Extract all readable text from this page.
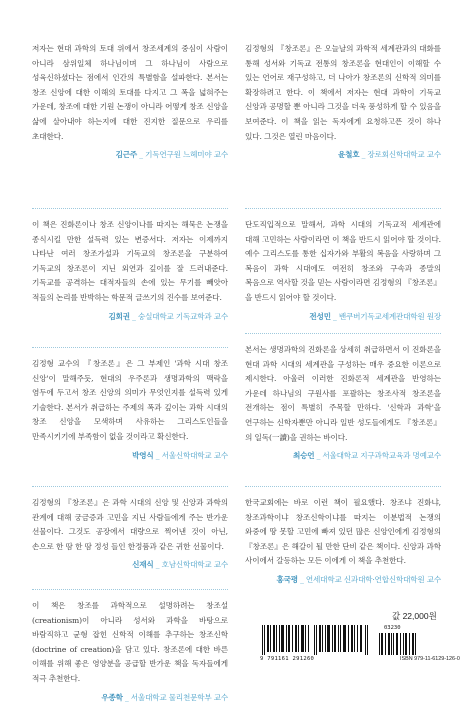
저자는 현대 과학의 토대 위에서 창조세계의 중심이 사람이 아니라 삼위일체 하나님이며 그 하나님이 사람으로 성육신하셨다는 점에서 인간의 특별함을 설파한다. 본서는 창조 신앙에 대한 이해의 토대를 다지고 그 폭을 넓혀주는 가운데, 창조에 대한 기원 논쟁이 아니라 어떻게 창조 신앙을 삶에 살아내야 하는지에 대한 진지한 질문으로 우리를 초대한다.

김근주 _ 기독연구원 느헤미야 교수

이 책은 진화론이나 창조 신앙이나를 따지는 해묵은 논쟁을 종식시킬 만한 설득력 있는 변증서다. 저자는 이제까지 나타난 여러 창조가설과 기독교의 창조론을 구분하여 기독교의 창조론이 지닌 외연과 깊이를 잘 드러내준다. 기독교를 공격하는 대적자들의 손에 있는 무기를 빼앗아 적들의 논리를 반박하는 학문적 글쓰기의 진수를 보여준다.

김회권 _ 숭실대학교 기독교학과 교수

김정형 교수의 『창조론』은 그 부제인 '과학 시대 창조 신앙'이 말해주듯, 현대의 우주론과 생명과학의 맥락을 염두에 두고서 창조 신앙의 의미가 무엇인지를 설득력 있게 기술한다. 본서가 취급하는 주제의 폭과 깊이는 과학 시대의 창조 신앙을 모색하며 사유하는 그리스도인들을 만족시키기에 부족함이 없을 것이라고 확신한다.

박영식 _ 서울신학대학교 교수

김정형의 『창조론』은 과학 시대의 신앙 및 신앙과 과학의 관계에 대해 궁금증과 고민을 지닌 사람들에게 주는 반가운 선물이다. 그것도 공장에서 대량으로 찍어낸 것이 아닌, 손으로 한 땀 한 땀 정성 들인 한정품과 같은 귀한 선물이다.

신재식 _ 호남신학대학교 교수

이 책은 창조를 과학적으로 설명하려는 창조설(creationism)이 아니라 성서와 과학을 바탕으로 바람직하고 균형 잡힌 신학적 이해를 추구하는 창조신학(doctrine of creation)을 담고 있다. 창조론에 대한 바른 이해를 위해 좋은 영양분을 공급할 반가운 책을 독자들에게 적극 추천한다.

우종학 _ 서울대학교 물리천문학부 교수

김정형의 『창조론』은 오늘날의 과학적 세계관과의 대화를 통해 성서와 기독교 전통의 창조론을 현대인이 이해할 수 있는 언어로 재구성하고, 더 나아가 창조론의 신학적 의미를 확장하려고 한다. 이 책에서 저자는 현대 과학이 기독교 신앙과 공명할 뿐 아니라 그것을 더욱 풍성하게 할 수 있음을 보여준다. 이 책을 읽는 독자에게 요청하고픈 것이 하나 있다. 그것은 열린 마음이다.

윤철호 _ 장로회신학대학교 교수

단도직입적으로 말해서, 과학 시대의 기독교적 세계관에 대해 고민하는 사람이라면 이 책을 반드시 읽어야 할 것이다. 예수 그리스도를 통한 십자가와 부활의 복음을 사랑하며 그 복음이 과학 시대에도 여전히 창조와 구속과 종말의 복음으로 역사할 것을 믿는 사람이라면 김정형의 『창조론』을 반드시 읽어야 할 것이다.

전성민 _ 밴쿠버기독교세계관대학원 원장

본서는 생명과학의 진화론을 상세히 취급하면서 이 진화론을 현대 과학 시대의 세계관을 구성하는 매우 중요한 이론으로 제시한다. 아울러 이러한 진화론적 세계관을 반영하는 가운데 하나님의 구원사를 포괄하는 창조사적 창조론을 전개하는 점이 특별히 주목할 만하다. '신학과 과학'을 연구하는 신학자뿐만 아니라 일반 성도들에게도 『창조론』의 일독(一讀)을 권하는 바이다.

최승언 _ 서울대학교 지구과학교육과 명예교수

한국교회에는 바로 이런 책이 필요했다. 창조냐 진화냐, 창조과학이냐 창조신학이냐를 따지는 이분법적 논쟁의 와중에 땅 못할 고민에 빠져 있던 많은 신앙인에게 김정형의 『창조론』은 해갈이 될 만한 단비 같은 책이다. 신앙과 과학 사이에서 갈등하는 모든 이에게 이 책을 추천한다.

홍국평 _ 연세대학교 신과대학·연합신학대학원 교수

값 22,000원
9 791161 291260	ISBN 979-11-6129-126-0
03230
